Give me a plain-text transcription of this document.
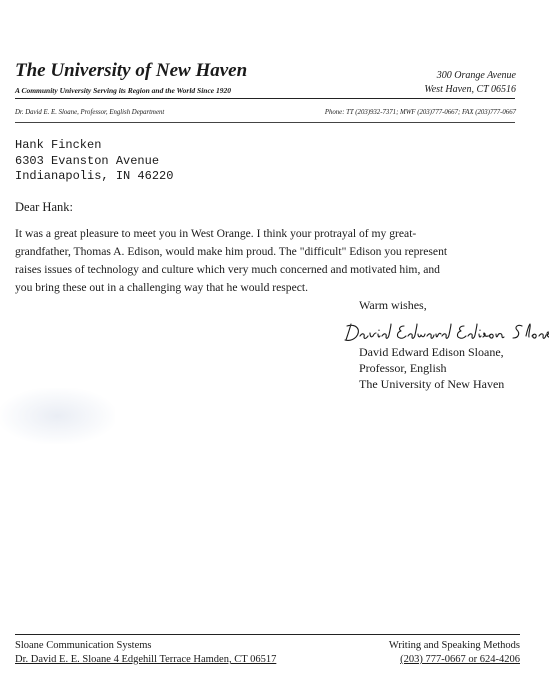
The University of New Haven
A Community University Serving its Region and the World Since 1920
300 Orange Avenue
West Haven, CT 06516
Dr. David E. E. Sloane, Professor, English Department	Phone: TT (203)932-7371; MWF (203)777-0667; FAX (203)777-0667
Hank Fincken
6303 Evanston Avenue
Indianapolis, IN 46220
Dear Hank:
It was a great pleasure to meet you in West Orange. I think your protrayal of my great-
grandfather, Thomas A. Edison, would make him proud. The "difficult" Edison you represent
raises issues of technology and culture which very much concerned and motivated him, and
you bring these out in a challenging way that he would respect.
Warm wishes,
David Edward Edison Sloane,
Professor, English
The University of New Haven
Sloane Communication Systems
Dr. David E. E. Sloane 4 Edgehill Terrace Hamden, CT 06517
Writing and Speaking Methods
(203) 777-0667 or 624-4206
